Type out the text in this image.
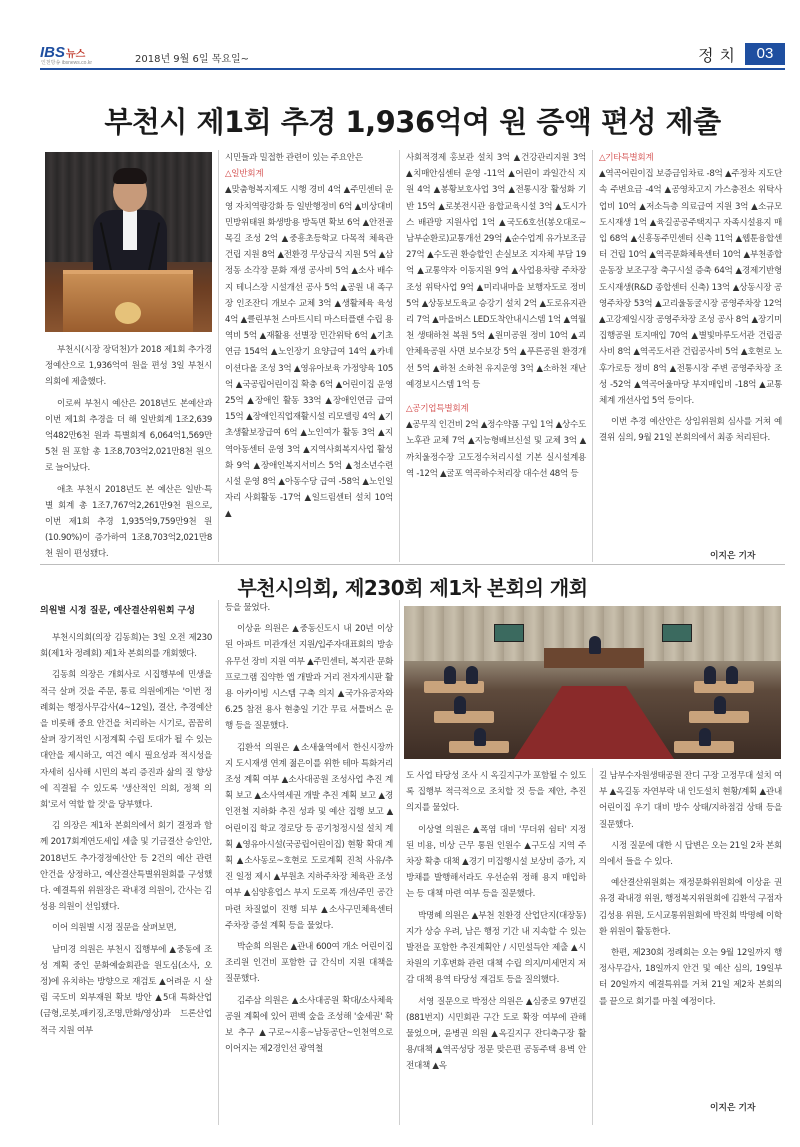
IBS뉴스
인천방송 ibsnews.co.kr	2018년 9월 6일 목요일~	정치	03
부천시 제1회 추경 1,936억여 원 증액 편성 제출

부천시(시장 장덕천)가 2018 제1회 추가경정예산으로 1,936억여 원을 편성 3일 부천시의회에 제출했다.

이로써 부천시 예산은 2018년도 본예산과 이번 제1회 추경을 더 해 일반회계 1조2,639억482만6천 원과 특별회계 6,064억1,569만5천 원 포함 총 1조8,703억2,021만8천 원으로 늘어났다.

애초 부천시 2018년도 본 예산은 일반·특별 회계 총 1조7,767억2,261만9천 원으로, 이번 제1회 추경 1,935억9,759만9천 원(10.90%)이 증가하여 1조8,703억2,021만8천 원이 편성됐다.

시민들과 밀접한 관련이 있는 주요안은

△일반회계

▲맞춤형복지제도 시행 경비 4억 ▲주민센터 운영 자치역량강화 등 일반행정비 6억 ▲비상대비 민방위태원 화생방용 방독면 확보 6억 ▲안전골목길 조성 2억 ▲중흥초등학교 다목적 체육관 건립 지원 8억 ▲전환경 무상급식 지원 5억 ▲삼정동 소각장 문화 재생 공사비 5억 ▲소사 배수지 테니스장 시설개선 공사 5억 ▲공원 내 족구장 인조잔디 개보수 교체 3억 ▲생활체육 육성 4억 ▲클린부천 스마트시티 마스터플랜 수립 용역비 5억 ▲재활용 선별장 민간위탁 6억 ▲기초연금 154억 ▲노인장기 요양급여 14억 ▲카네이션다올 조성 3억 ▲영유아보육 가정양육 105억 ▲국공립어린이집 확충 6억 ▲어린이집 운영 25억 ▲장애인 활동 33억 ▲장애인연금 급여 15억 ▲장애인직업재활시설 리모델링 4억 ▲기초생활보장급여 6억 ▲노인여가 활동 3억 ▲지역아동센터 운영 3억 ▲지역사회복지사업 활성화 9억 ▲장애인복지서비스 5억 ▲청소년수련시설 운영 8억 ▲아동수당 급여 -58억 ▲노인일자리 사회활동 -17억 ▲일드림센터 설치 10억 ▲

사회적경제 홍보관 설치 3억 ▲건강관리지원 3억 ▲치매안심센터 운영 -11억 ▲어린이 과일간식 지원 4억 ▲봉황보호사업 3억 ▲전통시장 활성화 기반 15억 ▲로봇전시관 융합교육시설 3억 ▲도시가스 배관망 지원사업 1억 ▲국도6호선(봉오대로~남부순환로)교통개선 29억 ▲순수업계 유가보조금 27억 ▲수도권 환승할인 손실보조 지자체 부담 19억 ▲교통약자 이동지원 9억 ▲사업용차량 주차장 조성 위탁사업 9억 ▲미리내마을 보행자도로 정비 5억 ▲상동보도육교 승강기 설치 2억 ▲도로유지관리 7억 ▲마을버스 LED도착안내시스템 1억 ▲역월천 생태하천 복원 5억 ▲원미공원 정비 10억 ▲괴안체육공원 사면 보수보강 5억 ▲푸른공원 환경개선 5억 ▲하천 소하천 유지운영 3억 ▲소하천 재난예경보시스템 1억 등

△공기업특별회계

▲공무직 인건비 2억 ▲정수약품 구입 1억 ▲상수도 노후관 교체 7억 ▲지능형배브신설 및 교체 3억 ▲까치울정수장 고도정수처리시설 기본 실시설계용역 -12억 ▲굴포 역곡하수처리장 대수선 48억 등

△기타특별회계

▲역곡어린이집 보증금임차료 -8억 ▲주정차 지도단속 주변요금 -4억 ▲공영차고지 가스충전소 위탁사업비 10억 ▲저소득층 의료급여 지원 3억 ▲소규모 도시재생 1억 ▲육길공공주택지구 자족시설용지 매입 68억 ▲신흥동주민센터 신축 11억 ▲웹툰융합센터 건립 10억 ▲역곡문화체육센터 10억 ▲부천종합운동장 보조구장 축구시설 증축 64억 ▲경제기반형 도시재생(R&D 종합센터 신축) 13억 ▲상동시장 공영주차장 53억 ▲고리울동굴시장 공영주차장 12억 ▲고강제일시장 공영주차장 조성 공사 8억 ▲장기미집행공원 토지매입 70억 ▲별빛마루도서관 건립공사비 8억 ▲역곡도서관 건립공사비 5억 ▲호현로 노후가로등 정비 8억 ▲전통시장 주변 공영주차장 조성 -52억 ▲역곡어울마당 부지매입비 -18억 ▲교통체계 개선사업 5억 등이다.

이번 추경 예산안은 상임위원회 심사를 거쳐 예결위 심의, 9월 21일 본회의에서 최종 처리된다.

이지은 기자
부천시의회, 제230회 제1차 본회의 개회
의원별 시정 질문, 예산결산위원회 구성

부천시의회(의장 김동희)는 3일 오전 제230회(제1차 정례회) 제1차 본회의를 개회했다.

김동희 의장은 개회사로 시집행부에 민생을 적극 살펴 것을 주문, 통료 의원에게는 '이번 정례회는 행정사무감사(4~12일), 결산, 추경예산을 비롯해 중요 안건을 처리하는 시기로, 꼼꼼히 살펴 장기적인 시정계획 수립 토대가 될 수 있는 대안을 제시하고, 여건 예시 필요성과 적시성을 자세히 심사해 시민의 복리 증진과 삶의 질 향상에 직결될 수 있도록 '생산적인 의회, 정책 의회'로서 역할 할 것'을 당부했다.

김 의장은 제1차 본회의에서 회기 결정과 함께 2017회계연도세입 세출 및 기금결산 승인안, 2018년도 추가경정예산안 등 2건의 예산 관련 안건을 상정하고, 예산결산특별위원회를 구성했다. 예결특위 위원장은 곽내경 의원이, 간사는 김성용 의원이 선임됐다.

이어 의원별 시정 질문을 살펴보면,

남미경 의원은 부천시 집행부에 ▲중동에 조성 계획 중인 문화예술회관을 원도심(소사, 오정)에 유치하는 방향으로 재검토 ▲어려운 시 살림 국도비 외부재원 확보 방안 ▲5대 특화산업(금형,로봇,패키징,조명,만화/영상)과 드론산업 적극 지원 여부

등을 물었다.

이상윤 의원은 ▲중동신도시 내 20년 이상 된 아파트 미관개선 지원/입주자대표회의 방송 유무선 장비 지원 여부 ▲주민센터, 복지관 문화프로그램 집약한 앱 개발과 거리 전자게시판 활용 아카이빙 시스템 구축 의지 ▲국가유공자와 6.25 참전 용사 현충일 기간 무료 셔틀버스 운행 등을 질문했다.

김환석 의원은 ▲소새울역에서 한신시장까지 도시재생 연계 젊은이를 위한 테마 특화거리 조성 계획 여부 ▲소사대공원 조성사업 추진 계획 보고 ▲소사역세권 개발 추진 계획 보고 ▲경인전철 지하화 추진 성과 및 예산 집행 보고 ▲어린이집 학교 경로당 등 공기청정시설 설치 계획 ▲영유아시설(국공립어린이집) 현황 확대 계획 ▲소사동로~호현로 도로계획 진척 사유/추진 일정 제시 ▲부원초 지하주차장 체육관 조성 여부 ▲심양흥업스 부지 도로폭 개선/주민 공간 마련 차질없이 진행 되부 ▲소사구민체육센터 주차장 증설 계획 등을 물었다.

박순희 의원은 ▲관내 600여 개소 어린이집 조리원 인건비 포함한 급 간식비 지원 대책을 질문했다.

김주삼 의원은 ▲소사대공원 확대/소사체육공원 계획에 있어 편백 숲을 조성해 '숲세권' 확보 추구 ▲구로~시흥~남동공단~인천역으로 이어지는 제2경인선 광역철

도 사업 타당성 조사 시 옥길지구가 포함될 수 있도록 집행부 적극적으로 조치할 것 등을 제안, 추진 의지를 물었다.

이상열 의원은 ▲폭염 대비 '무더위 쉼터' 지정된 비용, 비상 근무 통원 인원수 ▲구도심 지역 주차장 확충 대책 ▲경기 미집행시설 보상비 증가, 지방채를 발행해서라도 우선순위 정해 용지 매입하는 등 대책 마련 여부 등을 질문했다.

박명혜 의원은 ▲부천 친환경 산업단지(대장동)지가 상승 우려, 남은 행정 기간 내 지속할 수 있는 발전을 포함한 추진계획안 / 시민설득안 제출 ▲시 차원의 기후변화 관련 대책 수립 의지/미세먼지 저감 대책 용역 타당성 재검토 등을 질의했다.

서영 질문으로 박정산 의원은 ▲심중로 97번길(881번지) 시민회관 구간 도로 확장 여부에 관해 물었으며, 윤병권 의원 ▲옥길지구 잔디축구장 활용/대책 ▲역곡성당 정문 맞은편 공동주택 용벽 안전대책 ▲옥

길 남부수자원생태공원 잔디 구장 고정무대 설치 여부 ▲옥길동 자연부락 내 인도설치 현황/계획 ▲관내 어린이집 우기 대비 방수 상태/지하점검 상태 등을 질문했다.

시정 질문에 대한 시 답변은 오는 21일 2차 본회의에서 들을 수 있다.

예산결산위원회는 재정문화위원회에 이상윤 권유경 곽내경 위원, 행정복지위원회에 김환석 구점자 김성용 위원, 도시교통위원회에 박진회 박명혜 이학환 위원이 활동한다.

한편, 제230회 정례회는 오는 9월 12일까지 행정사무감사, 18일까지 안건 및 예산 심의, 19일부터 20일까지 예결특위를 거쳐 21일 제2차 본회의를 끝으로 회기를 마칠 예정이다.

이지은 기자
